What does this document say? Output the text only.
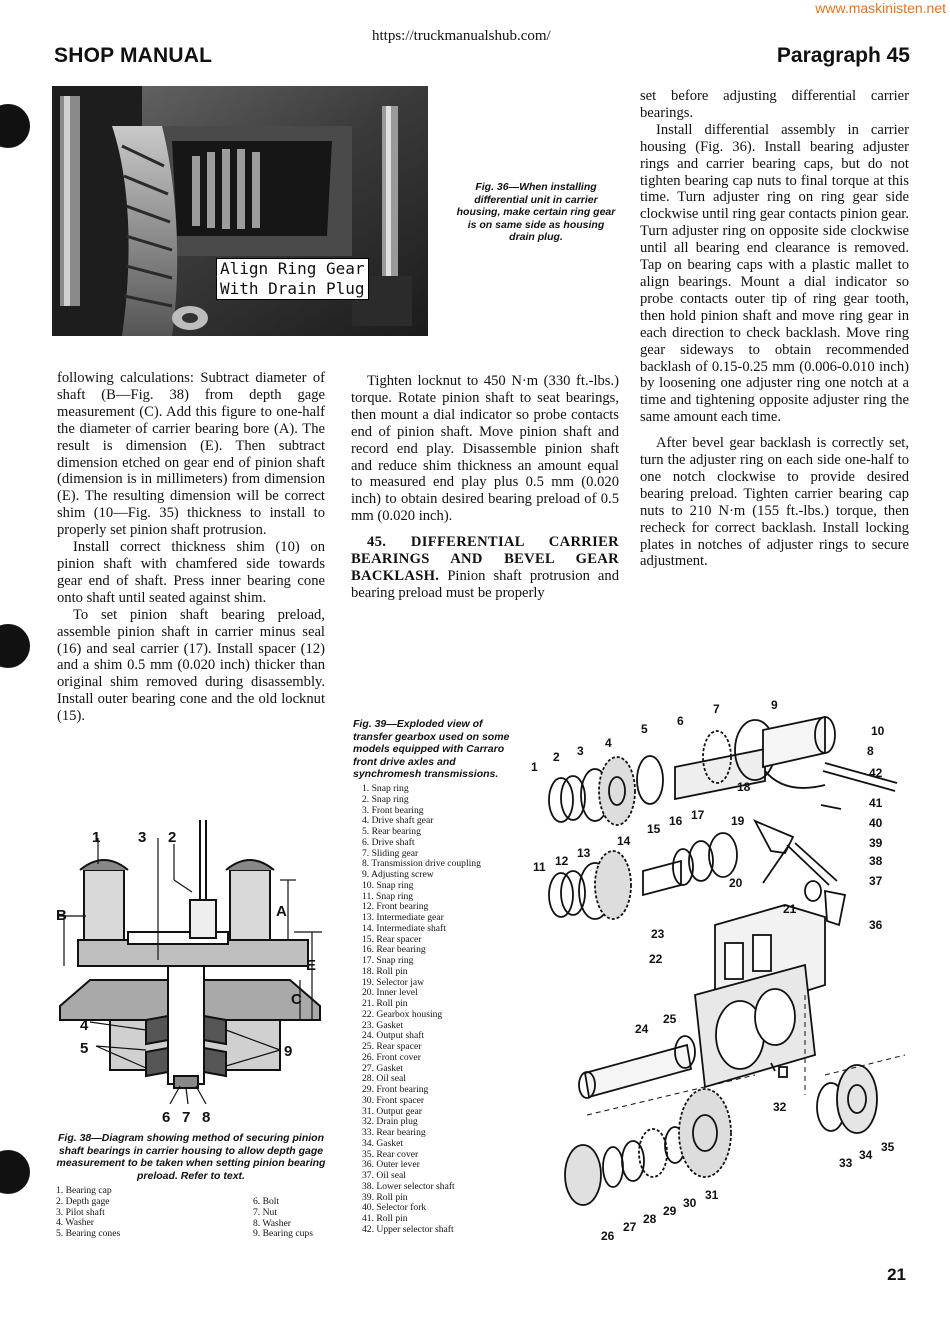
www.maskinisten.net
https://truckmanualshub.com/
SHOP MANUAL	Paragraph 45
Align Ring Gear
With Drain Plug
Fig. 36—When installing differential unit in carrier housing, make certain ring gear is on same side as housing drain plug.

following calculations: Subtract diameter of shaft (B—Fig. 38) from depth gage measurement (C). Add this figure to one-half the diameter of carrier bearing bore (A). The result is dimension (E). Then subtract dimension etched on gear end of pinion shaft (dimension is in millimeters) from dimension (E). The resulting dimension will be correct shim (10—Fig. 35) thickness to install to properly set pinion shaft protrusion.

Install correct thickness shim (10) on pinion shaft with chamfered side towards gear end of shaft. Press inner bearing cone onto shaft until seated against shim.

To set pinion shaft bearing preload, assemble pinion shaft in carrier minus seal (16) and seal carrier (17). Install spacer (12) and a shim 0.5 mm (0.020 inch) thicker than original shim removed during disassembly. Install outer bearing cone and the old locknut (15).

Tighten locknut to 450 N·m (330 ft.-lbs.) torque. Rotate pinion shaft to seat bearings, then mount a dial indicator so probe contacts end of pinion shaft. Move pinion shaft and record end play. Disassemble pinion shaft and reduce shim thickness an amount equal to measured end play plus 0.5 mm (0.020 inch) to obtain desired bearing preload of 0.5 mm (0.020 inch).

45. DIFFERENTIAL CARRIER BEARINGS AND BEVEL GEAR BACKLASH. Pinion shaft protrusion and bearing preload must be properly

set before adjusting differential carrier bearings.

Install differential assembly in carrier housing (Fig. 36). Install bearing adjuster rings and carrier bearing caps, but do not tighten bearing cap nuts to final torque at this time. Turn adjuster ring on ring gear side clockwise until ring gear contacts pinion gear. Turn adjuster ring on opposite side clockwise until all bearing end clearance is removed. Tap on bearing caps with a plastic mallet to align bearings. Mount a dial indicator so probe contacts outer tip of ring gear tooth, then hold pinion shaft and move ring gear in each direction to check backlash. Move ring gear sideways to obtain recommended backlash of 0.15-0.25 mm (0.006-0.010 inch) by loosening one adjuster ring one notch at a time and tightening opposite adjuster ring the same amount each time.

After bevel gear backlash is correctly set, turn the adjuster ring on each side one-half to one notch clockwise to provide desired bearing preload. Tighten carrier bearing cap nuts to 210 N·m (155 ft.-lbs.) torque, then recheck for correct backlash. Install locking plates in notches of adjuster rings to secure adjustment.

1	3 2
B	A
E
C
4
5	9
6 7 8
Fig. 38—Diagram showing method of securing pinion shaft bearings in carrier housing to allow depth gage measurement to be taken when setting pinion bearing preload. Refer to text.
1. Bearing cap
2. Depth gage
3. Pilot shaft
4. Washer
5. Bearing cones
6. Bolt
7. Nut
8. Washer
9. Bearing cups
Fig. 39—Exploded view of transfer gearbox used on some models equipped with Carraro front drive axles and synchromesh transmissions.
1. Snap ring
2. Snap ring
3. Front bearing
4. Drive shaft gear
5. Rear bearing
6. Drive shaft
7. Sliding gear
8. Transmission drive coupling
9. Adjusting screw
10. Snap ring
11. Snap ring
12. Front bearing
13. Intermediate gear
14. Intermediate shaft
15. Rear spacer
16. Rear bearing
17. Snap ring
18. Roll pin
19. Selector jaw
20. Inner level
21. Roll pin
22. Gearbox housing
23. Gasket
24. Output shaft
25. Rear spacer
26. Front cover
27. Gasket
28. Oil seal
29. Front bearing
30. Front spacer
31. Output gear
32. Drain plug
33. Rear bearing
34. Gasket
35. Rear cover
36. Outer lever
37. Oil seal
38. Lower selector shaft
39. Roll pin
40. Selector fork
41. Roll pin
42. Upper selector shaft
1
2 3
4
5
6
7
8
9
10
11 12
13
14
15
16 17
18
19
20
21
22
23
24
25
26
27
28
29
30
31
32
33
34
35
36
37
38
39
40
41
42
21
